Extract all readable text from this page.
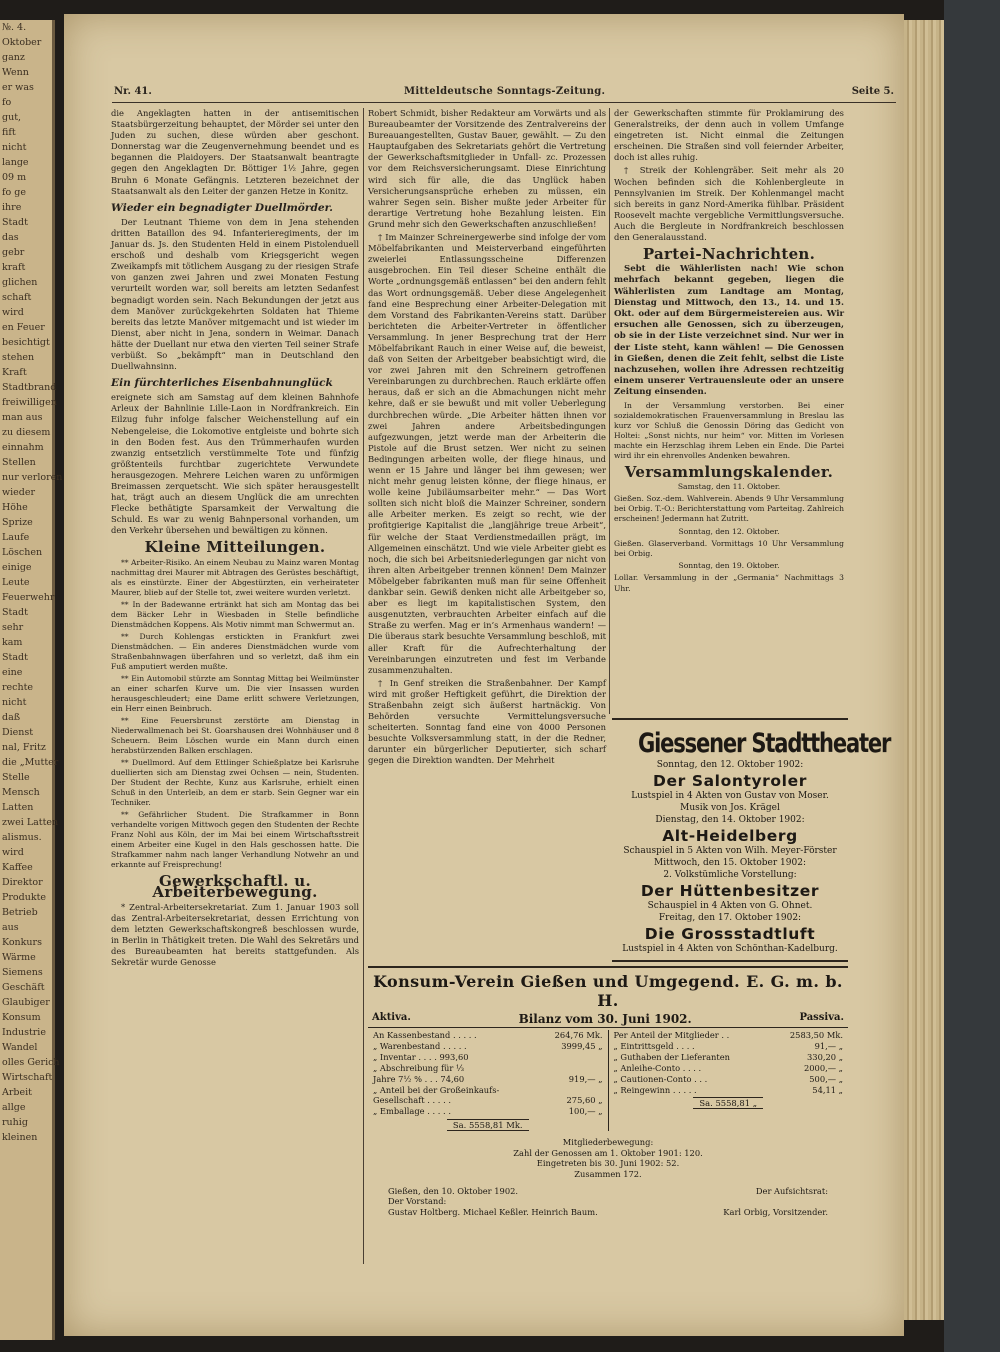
№. 4.
Oktober
ganz
Wenn
er was
fo
gut,
fift
nicht
lange
09 m
fo ge
ihre
Stadt
das
gebr
kraft
glichen
schaft
wird
en Feuer
besichtigt
stehen
Kraft
Stadtbrand
freiwilligen
man aus
zu diesem
einnahm
Stellen
nur verloren
wieder
Höhe
Sprize
Laufe
Löschen
einige
Leute
Feuerwehr
Stadt
sehr
kam
Stadt
eine
rechte
nicht
daß
Dienst
nal, Fritz
die „Mutter
Stelle
Mensch
Latten
zwei Latten
alismus.
wird
Kaffee
Direktor
Produkte
Betrieb
aus
Konkurs
Wärme
Siemens
Geschäft
Glaubiger
Konsum
Industrie
Wandel
olles Gerich
Wirtschaft
Arbeit
allge
ruhig
kleinen
Nr. 41.	Mitteldeutsche Sonntags-Zeitung.	Seite 5.

die Angeklagten hatten in der antisemitischen Staatsbürgerzeitung behauptet, der Mörder sei unter den Juden zu suchen, diese würden aber geschont. Donnerstag war die Zeugenvernehmung beendet und es begannen die Plaidoyers. Der Staatsanwalt beantragte gegen den Angeklagten Dr. Böttiger 1½ Jahre, gegen Bruhn 6 Monate Gefängnis. Letzteren bezeichnet der Staatsanwalt als den Leiter der ganzen Hetze in Konitz.

Wieder ein begnadigter Duellmörder.

Der Leutnant Thieme von dem in Jena stehenden dritten Bataillon des 94. Infanterieregiments, der im Januar ds. Js. den Studenten Held in einem Pistolenduell erschoß und deshalb vom Kriegsgericht wegen Zweikampfs mit tötlichem Ausgang zu der riesigen Strafe von ganzen zwei Jahren und zwei Monaten Festung verurteilt worden war, soll bereits am letzten Sedanfest begnadigt worden sein. Nach Bekundungen der jetzt aus dem Manöver zurückgekehrten Soldaten hat Thieme bereits das letzte Manöver mitgemacht und ist wieder im Dienst, aber nicht in Jena, sondern in Weimar. Danach hätte der Duellant nur etwa den vierten Teil seiner Strafe verbüßt. So „bekämpft“ man in Deutschland den Duellwahnsinn.

Ein fürchterliches Eisenbahnunglück

ereignete sich am Samstag auf dem kleinen Bahnhofe Arleux der Bahnlinie Lille-Laon in Nordfrankreich. Ein Eilzug fuhr infolge falscher Weichenstellung auf ein Nebengeleise, die Lokomotive entgleiste und bohrte sich in den Boden fest. Aus den Trümmerhaufen wurden zwanzig entsetzlich verstümmelte Tote und fünfzig größtenteils furchtbar zugerichtete Verwundete herausgezogen. Mehrere Leichen waren zu unförmigen Breimassen zerquetscht. Wie sich später herausgestellt hat, trägt auch an diesem Unglück die am unrechten Flecke bethätigte Sparsamkeit der Verwaltung die Schuld. Es war zu wenig Bahnpersonal vorhanden, um den Verkehr übersehen und bewältigen zu können.

Kleine Mitteilungen.

** Arbeiter-Risiko. An einem Neubau zu Mainz waren Montag nachmittag drei Maurer mit Abtragen des Gerüstes beschäftigt, als es einstürzte. Einer der Abgestürzten, ein verheirateter Maurer, blieb auf der Stelle tot, zwei weitere wurden verletzt.

** In der Badewanne ertränkt hat sich am Montag das bei dem Bäcker Lehr in Wiesbaden in Stelle befindliche Dienstmädchen Koppens. Als Motiv nimmt man Schwermut an.

** Durch Kohlengas erstickten in Frankfurt zwei Dienstmädchen. — Ein anderes Dienstmädchen wurde vom Straßenbahnwagen überfahren und so verletzt, daß ihm ein Fuß amputiert werden mußte.

** Ein Automobil stürzte am Sonntag Mittag bei Weilmünster an einer scharfen Kurve um. Die vier Insassen wurden herausgeschleudert; eine Dame erlitt schwere Verletzungen, ein Herr einen Beinbruch.

** Eine Feuersbrunst zerstörte am Dienstag in Niederwallmenach bei St. Goarshausen drei Wohnhäuser und 8 Scheuern. Beim Löschen wurde ein Mann durch einen herabstürzenden Balken erschlagen.

** Duellmord. Auf dem Ettlinger Schießplatze bei Karlsruhe duellierten sich am Dienstag zwei Ochsen — nein, Studenten. Der Student der Rechte, Kunz aus Karlsruhe, erhielt einen Schuß in den Unterleib, an dem er starb. Sein Gegner war ein Techniker.

** Gefährlicher Student. Die Strafkammer in Bonn verhandelte vorigen Mittwoch gegen den Studenten der Rechte Franz Nohl aus Köln, der im Mai bei einem Wirtschaftsstreit einem Arbeiter eine Kugel in den Hals geschossen hatte. Die Strafkammer nahm nach langer Verhandlung Notwehr an und erkannte auf Freisprechung!

Gewerkschaftl. u. Arbeiterbewegung.

* Zentral-Arbeitersekretariat. Zum 1. Januar 1903 soll das Zentral-Arbeitersekretariat, dessen Errichtung von dem letzten Gewerkschaftskongreß beschlossen wurde, in Berlin in Thätigkeit treten. Die Wahl des Sekretärs und des Bureaubeamten hat bereits stattgefunden. Als Sekretär wurde Genosse

Robert Schmidt, bisher Redakteur am Vorwärts und als Bureaubeamter der Vorsitzende des Zentralvereins der Bureauangestellten, Gustav Bauer, gewählt. — Zu den Hauptaufgaben des Sekretariats gehört die Vertretung der Gewerkschaftsmitglieder in Unfall- zc. Prozessen vor dem Reichsversicherungsamt. Diese Einrichtung wird sich für alle, die das Unglück haben Versicherungsansprüche erheben zu müssen, ein wahrer Segen sein. Bisher mußte jeder Arbeiter für derartige Vertretung hohe Bezahlung leisten. Ein Grund mehr sich den Gewerkschaften anzuschließen!

† Im Mainzer Schreinergewerbe sind infolge der vom Möbelfabrikanten und Meisterverband eingeführten zweierlei Entlassungsscheine Differenzen ausgebrochen. Ein Teil dieser Scheine enthält die Worte „ordnungsgemäß entlassen“ bei den andern fehlt das Wort ordnungsgemäß. Ueber diese Angelegenheit fand eine Besprechung einer Arbeiter-Delegation mit dem Vorstand des Fabrikanten-Vereins statt. Darüber berichteten die Arbeiter-Vertreter in öffentlicher Versammlung. In jener Besprechung trat der Herr Möbelfabrikant Rauch in einer Weise auf, die beweist, daß von Seiten der Arbeitgeber beabsichtigt wird, die vor zwei Jahren mit den Schreinern getroffenen Vereinbarungen zu durchbrechen. Rauch erklärte offen heraus, daß er sich an die Abmachungen nicht mehr kehre, daß er sie bewußt und mit voller Ueberlegung durchbrechen würde. „Die Arbeiter hätten ihnen vor zwei Jahren andere Arbeitsbedingungen aufgezwungen, jetzt werde man der Arbeiterin die Pistole auf die Brust setzen. Wer nicht zu seinen Bedingungen arbeiten wolle, der fliege hinaus, und wenn er 15 Jahre und länger bei ihm gewesen; wer nicht mehr genug leisten könne, der fliege hinaus, er wolle keine Jubiläumsarbeiter mehr.“ — Das Wort sollten sich nicht bloß die Mainzer Schreiner, sondern alle Arbeiter merken. Es zeigt so recht, wie der profitgierige Kapitalist die „langjährige treue Arbeit“, für welche der Staat Verdienstmedaillen prägt, im Allgemeinen einschätzt. Und wie viele Arbeiter giebt es noch, die sich bei Arbeitsniederlegungen gar nicht von ihren alten Arbeitgeber trennen können! Dem Mainzer Möbelgeber fabrikanten muß man für seine Offenheit dankbar sein. Gewiß denken nicht alle Arbeitgeber so, aber es liegt im kapitalistischen System, den ausgenutzten, verbrauchten Arbeiter einfach auf die Straße zu werfen. Mag er in’s Armenhaus wandern! — Die überaus stark besuchte Versammlung beschloß, mit aller Kraft für die Aufrechterhaltung der Vereinbarungen einzutreten und fest im Verbande zusammenzuhalten.

† In Genf streiken die Straßenbahner. Der Kampf wird mit großer Heftigkeit geführt, die Direktion der Straßenbahn zeigt sich äußerst hartnäckig. Von Behörden versuchte Vermittelungsversuche scheiterten. Sonntag fand eine von 4000 Personen besuchte Volksversammlung statt, in der die Redner, darunter ein bürgerlicher Deputierter, sich scharf gegen die Direktion wandten. Der Mehrheit

der Gewerkschaften stimmte für Proklamirung des Generalstreiks, der denn auch in vollem Umfange eingetreten ist. Nicht einmal die Zeitungen erscheinen. Die Straßen sind voll feiernder Arbeiter, doch ist alles ruhig.

† Streik der Kohlengräber. Seit mehr als 20 Wochen befinden sich die Kohlenbergleute in Pennsylvanien im Streik. Der Kohlenmangel macht sich bereits in ganz Nord-Amerika fühlbar. Präsident Roosevelt machte vergebliche Vermittlungsversuche. Auch die Bergleute in Nordfrankreich beschlossen den Generalausstand.

Partei-Nachrichten.

Sebt die Wählerlisten nach! Wie schon mehrfach bekannt gegeben, liegen die Wählerlisten zum Landtage am Montag, Dienstag und Mittwoch, den 13., 14. und 15. Okt. oder auf dem Bürgermeistereien aus. Wir ersuchen alle Genossen, sich zu überzeugen, ob sie in der Liste verzeichnet sind. Nur wer in der Liste steht, kann wählen! — Die Genossen in Gießen, denen die Zeit fehlt, selbst die Liste nachzusehen, wollen ihre Adressen rechtzeitig einem unserer Vertrauensleute oder an unsere Zeitung einsenden.

In der Versammlung verstorben. Bei einer sozialdemokratischen Frauenversammlung in Breslau las kurz vor Schluß die Genossin Döring das Gedicht von Holtei: „Sonst nichts, nur heim“ vor. Mitten im Vorlesen machte ein Herzschlag ihrem Leben ein Ende. Die Partei wird ihr ein ehrenvolles Andenken bewahren.

Versammlungskalender.

Samstag, den 11. Oktober.

Gießen. Soz.-dem. Wahlverein. Abends 9 Uhr Versammlung bei Orbig. T.-O.: Berichterstattung vom Parteitag. Zahlreich erscheinen! Jedermann hat Zutritt.

Sonntag, den 12. Oktober.

Gießen. Glaserverband. Vormittags 10 Uhr Versammlung bei Orbig.

Sonntag, den 19. Oktober.

Lollar. Versammlung in der „Germania“ Nachmittags 3 Uhr.

Giessener Stadttheater
Sonntag, den 12. Oktober 1902:
Der Salontyroler
Lustspiel in 4 Akten von Gustav von Moser.
Musik von Jos. Krägel
Dienstag, den 14. Oktober 1902:
Alt-Heidelberg
Schauspiel in 5 Akten von Wilh. Meyer-Förster
Mittwoch, den 15. Oktober 1902:
2. Volkstümliche Vorstellung:
Der Hüttenbesitzer
Schauspiel in 4 Akten von G. Ohnet.
Freitag, den 17. Oktober 1902:
Die Grossstadtluft
Lustspiel in 4 Akten von Schönthan-Kadelburg.
Konsum-Verein Gießen und Umgegend. E. G. m. b. H.
Aktiva.	Bilanz vom 30. Juni 1902.	Passiva.
An Kassenbestand . . . . .	264,76 Mk.
„ Warenbestand . . . . .	3999,45 „
„ Inventar . . . . 993,60
„ Abschreibung für ⅓
Jahre 7½ % . . . 74,60	919,— „
„ Anteil bei der Großeinkaufs-
Gesellschaft . . . . .	275,60 „
„ Emballage . . . . .	100,— „
Sa. 5558,81 Mk.
Per Anteil der Mitglieder . .	2583,50 Mk.
„ Eintrittsgeld . . . .	91,— „
„ Guthaben der Lieferanten	330,20 „
„ Anleihe-Conto . . . .	2000,— „
„ Cautionen-Conto . . .	500,— „
„ Reingewinn . . . . .	54,11 „
Sa. 5558,81 „
Mitgliederbewegung:
Zahl der Genossen am 1. Oktober 1901: 120.
Eingetreten bis 30. Juni 1902: 52.
Zusammen 172.
Gießen, den 10. Oktober 1902.	Der Aufsichtsrat:
Der Vorstand:
Gustav Holtberg. Michael Keßler. Heinrich Baum.	Karl Orbig, Vorsitzender.
